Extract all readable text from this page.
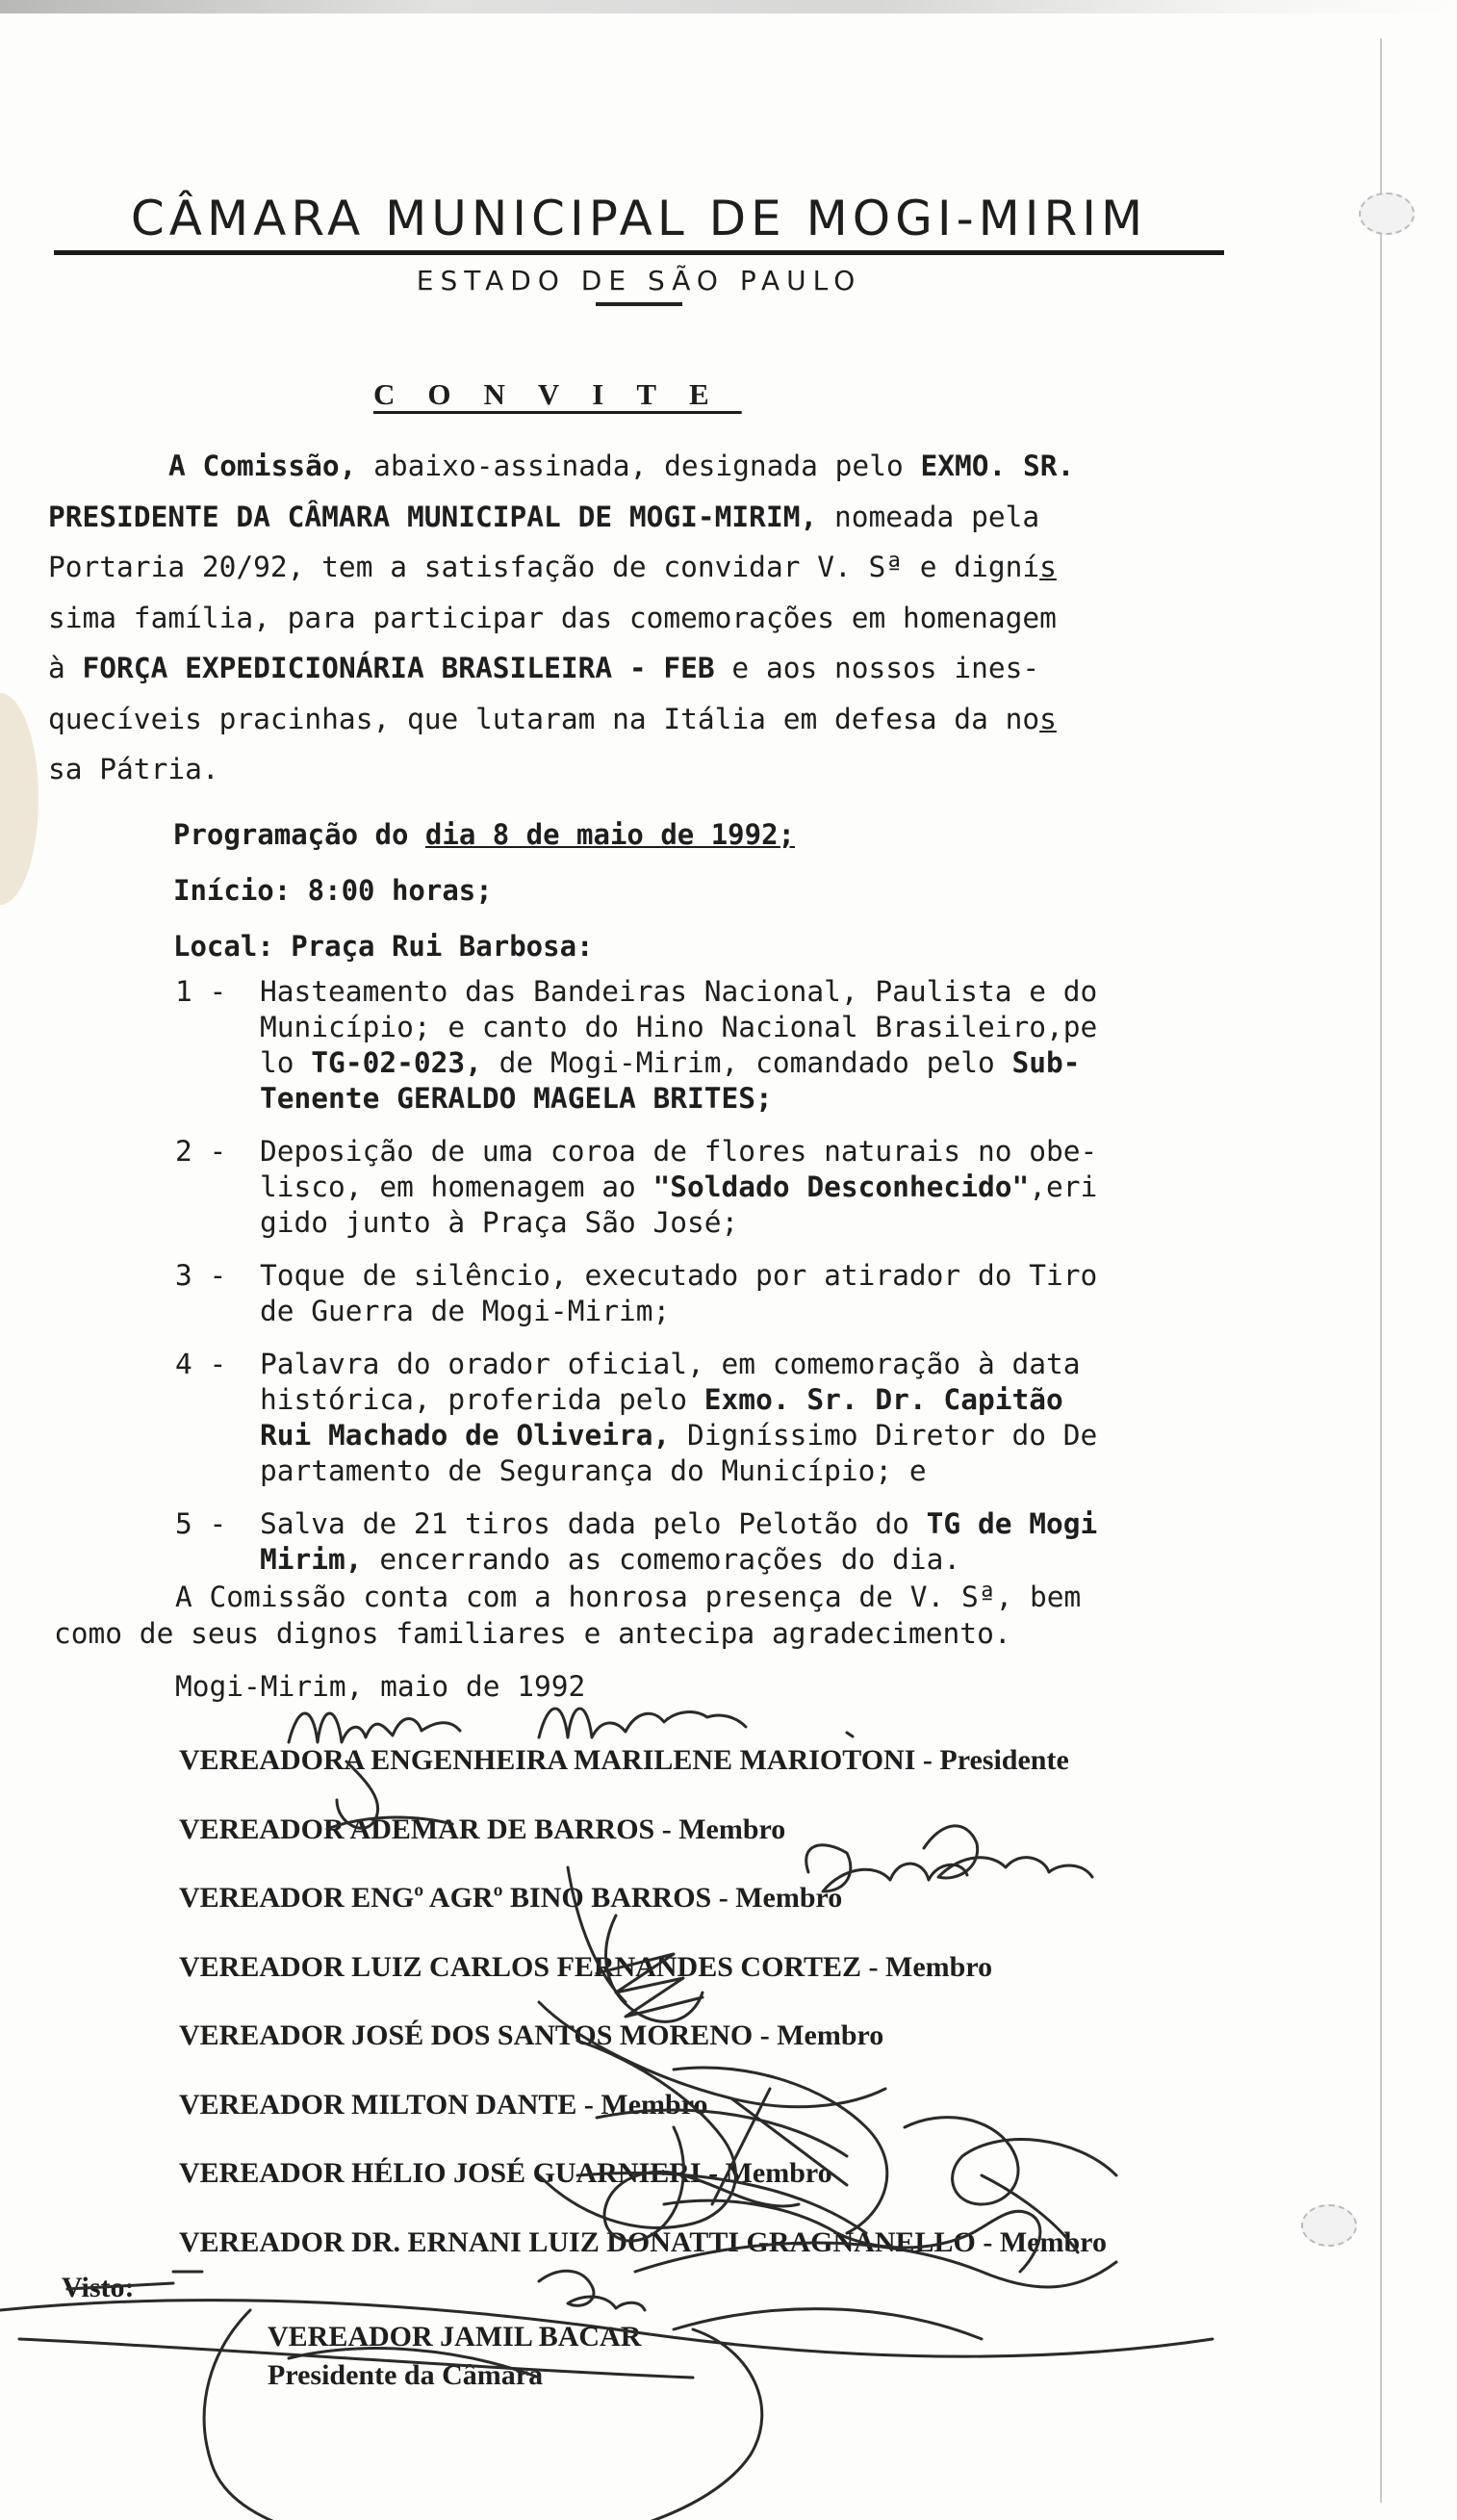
CÂMARA MUNICIPAL DE MOGI-MIRIM
ESTADO DE SÃO PAULO
CONVITE
A Comissão, abaixo-assinada, designada pelo EXMO. SR.
PRESIDENTE DA CÂMARA MUNICIPAL DE MOGI-MIRIM, nomeada pela
Portaria 20/92, tem a satisfação de convidar V. Sª e dignís
sima família, para participar das comemorações em homenagem
à FORÇA EXPEDICIONÁRIA BRASILEIRA - FEB e aos nossos ines-
quecíveis pracinhas, que lutaram na Itália em defesa da nos
sa Pátria.
Programação do dia 8 de maio de 1992;
Início: 8:00 horas;
Local: Praça Rui Barbosa:
1 -	Hasteamento das Bandeiras Nacional, Paulista e do
Município; e canto do Hino Nacional Brasileiro,pe
lo TG-02-023, de Mogi-Mirim, comandado pelo Sub-
Tenente GERALDO MAGELA BRITES;
2 -	Deposição de uma coroa de flores naturais no obe-
lisco, em homenagem ao "Soldado Desconhecido",eri
gido junto à Praça São José;
3 -	Toque de silêncio, executado por atirador do Tiro
de Guerra de Mogi-Mirim;
4 -	Palavra do orador oficial, em comemoração à data
histórica, proferida pelo Exmo. Sr. Dr. Capitão
Rui Machado de Oliveira, Digníssimo Diretor do De
partamento de Segurança do Município; e
5 -	Salva de 21 tiros dada pelo Pelotão do TG de Mogi
Mirim, encerrando as comemorações do dia.
A Comissão conta com a honrosa presença de V. Sª, bem
como de seus dignos familiares e antecipa agradecimento.
Mogi-Mirim, maio de 1992
VEREADORA ENGENHEIRA MARILENE MARIOTONI - Presidente
VEREADOR ADEMAR DE BARROS - Membro
VEREADOR ENGº AGRº BINO BARROS - Membro
VEREADOR LUIZ CARLOS FERNANDES CORTEZ - Membro
VEREADOR JOSÉ DOS SANTOS MORENO - Membro
VEREADOR MILTON DANTE - Membro
VEREADOR HÉLIO JOSÉ GUARNIERI - Membro
VEREADOR DR. ERNANI LUIZ DONATTI GRAGNANELLO - Membro
Visto:
VEREADOR JAMIL BACAR
Presidente da Câmara
